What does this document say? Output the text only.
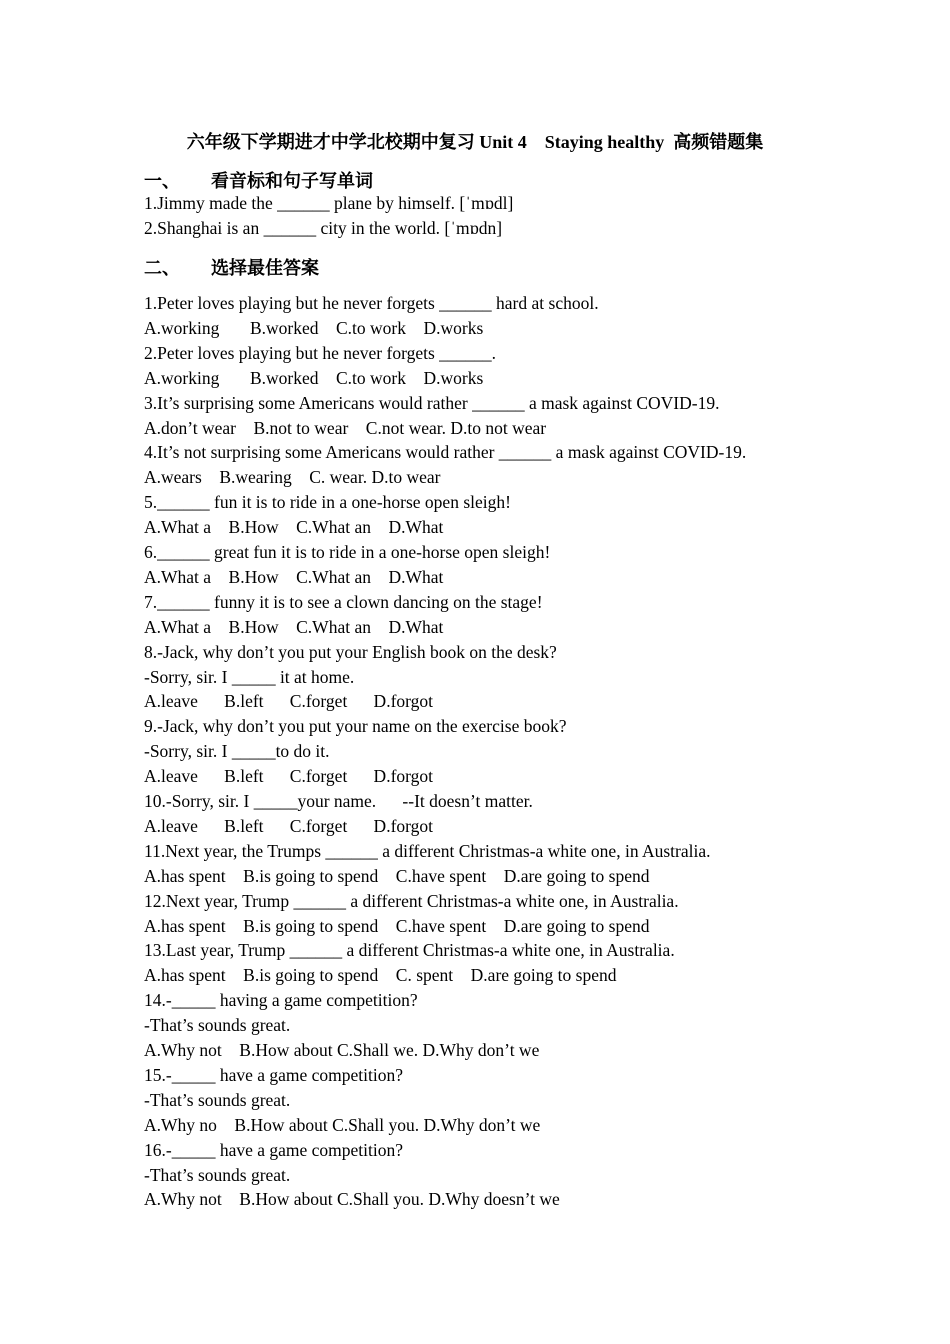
六年级下学期进才中学北校期中复习 Unit 4    Staying healthy  高频错题集
一、 看音标和句子写单词
1.Jimmy made the ______ plane by himself. [ˈmɒdl]
2.Shanghai is an ______ city in the world. [ˈmɒdn]
二、 选择最佳答案
1.Peter loves playing but he never forgets ______ hard at school.
A.working       B.worked    C.to work    D.works
2.Peter loves playing but he never forgets ______.
A.working       B.worked    C.to work    D.works
3.It’s surprising some Americans would rather ______ a mask against COVID-19.
A.don’t wear    B.not to wear    C.not wear. D.to not wear
4.It’s not surprising some Americans would rather ______ a mask against COVID-19.
A.wears    B.wearing    C. wear. D.to wear
5.______ fun it is to ride in a one-horse open sleigh!
A.What a    B.How    C.What an    D.What
6.______ great fun it is to ride in a one-horse open sleigh!
A.What a    B.How    C.What an    D.What
7.______ funny it is to see a clown dancing on the stage!
A.What a    B.How    C.What an    D.What
8.-Jack, why don’t you put your English book on the desk?
-Sorry, sir. I _____ it at home.
A.leave      B.left      C.forget      D.forgot
9.-Jack, why don’t you put your name on the exercise book?
-Sorry, sir. I _____to do it.
A.leave      B.left      C.forget      D.forgot
10.-Sorry, sir. I _____your name.      --It doesn’t matter.
A.leave      B.left      C.forget      D.forgot
11.Next year, the Trumps ______ a different Christmas-a white one, in Australia.
A.has spent    B.is going to spend    C.have spent    D.are going to spend
12.Next year, Trump ______ a different Christmas-a white one, in Australia.
A.has spent    B.is going to spend    C.have spent    D.are going to spend
13.Last year, Trump ______ a different Christmas-a white one, in Australia.
A.has spent    B.is going to spend    C. spent    D.are going to spend
14.-_____ having a game competition?
-That’s sounds great.
A.Why not    B.How about C.Shall we. D.Why don’t we
15.-_____ have a game competition?
-That’s sounds great.
A.Why no    B.How about C.Shall you. D.Why don’t we
16.-_____ have a game competition?
-That’s sounds great.
A.Why not    B.How about C.Shall you. D.Why doesn’t we
